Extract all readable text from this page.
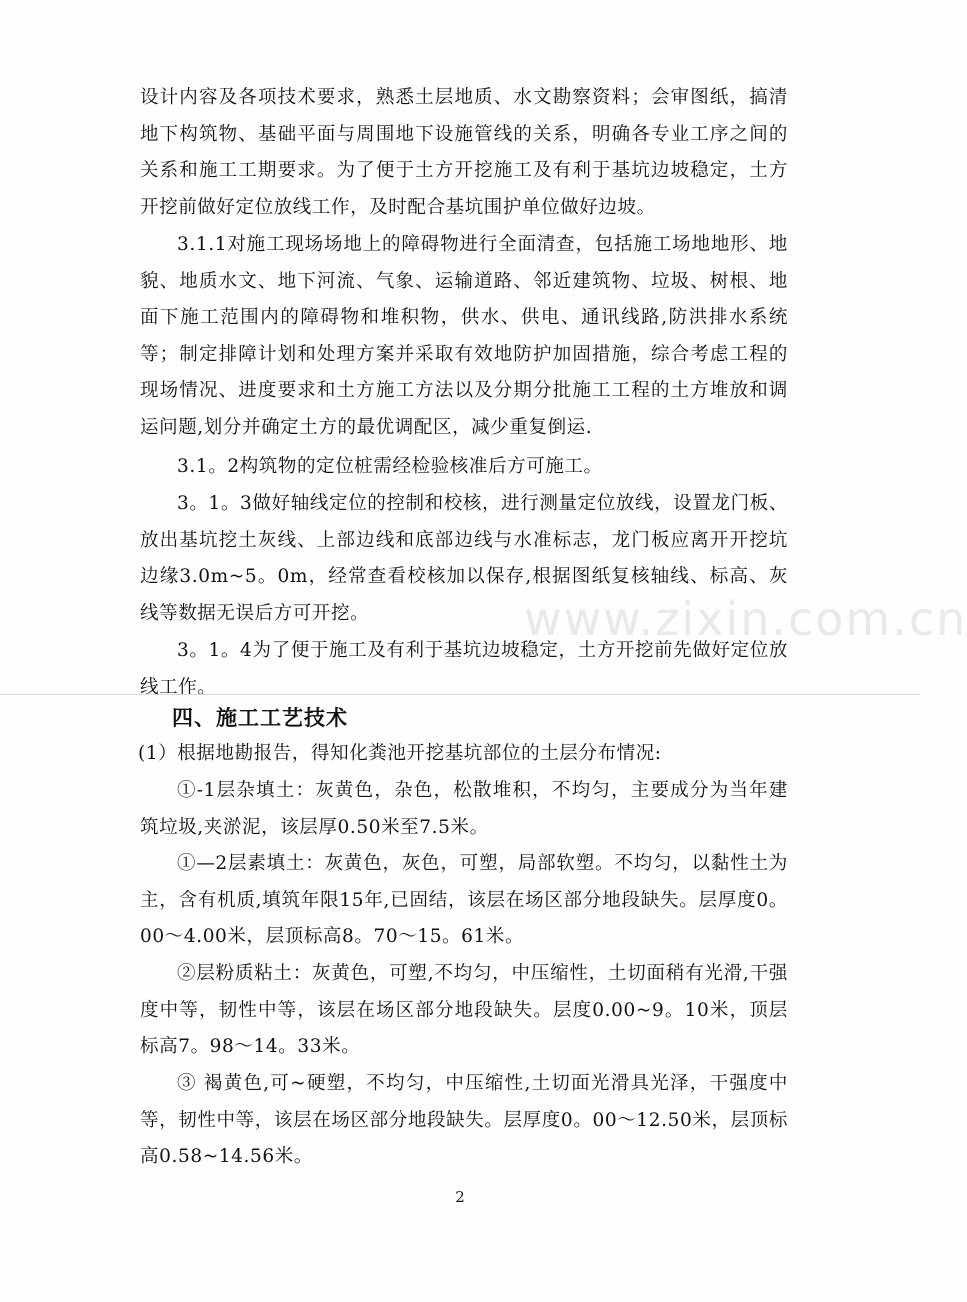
www.zixin.com.cn

设计内容及各项技术要求，熟悉土层地质、水文勘察资料；会审图纸，搞清地下构筑物、基础平面与周围地下设施管线的关系，明确各专业工序之间的关系和施工工期要求。为了便于土方开挖施工及有利于基坑边坡稳定，土方开挖前做好定位放线工作，及时配合基坑围护单位做好边坡。

3.1.1对施工现场场地上的障碍物进行全面清查，包括施工场地地形、地貌、地质水文、地下河流、气象、运输道路、邻近建筑物、垃圾、树根、地面下施工范围内的障碍物和堆积物，供水、供电、通讯线路,防洪排水系统等；制定排障计划和处理方案并采取有效地防护加固措施，综合考虑工程的现场情况、进度要求和土方施工方法以及分期分批施工工程的土方堆放和调运问题,划分并确定土方的最优调配区，减少重复倒运.

3.1。2构筑物的定位桩需经检验核准后方可施工。

3。1。3做好轴线定位的控制和校核，进行测量定位放线，设置龙门板、放出基坑挖土灰线、上部边线和底部边线与水准标志，龙门板应离开开挖坑边缘3.0m~5。0m，经常查看校核加以保存,根据图纸复核轴线、标高、灰线等数据无误后方可开挖。

3。1。4为了便于施工及有利于基坑边坡稳定，土方开挖前先做好定位放线工作。

四、施工工艺技术

(1）根据地勘报告，得知化粪池开挖基坑部位的土层分布情况:

①-1层杂填土：灰黄色，杂色，松散堆积，不均匀，主要成分为当年建筑垃圾,夹淤泥，该层厚0.50米至7.5米。

①—2层素填土：灰黄色，灰色，可塑，局部软塑。不均匀，以黏性土为主，含有机质,填筑年限15年,已固结，该层在场区部分地段缺失。层厚度0。00～4.00米，层顶标高8。70～15。61米。

②层粉质粘土：灰黄色，可塑,不均匀，中压缩性，土切面稍有光滑,干强度中等，韧性中等，该层在场区部分地段缺失。层度0.00~9。10米，顶层标高7。98～14。33米。

③ 褐黄色,可~硬塑，不均匀，中压缩性,土切面光滑具光泽，干强度中等，韧性中等，该层在场区部分地段缺失。层厚度0。00～12.50米，层顶标高0.58~14.56米。

2
